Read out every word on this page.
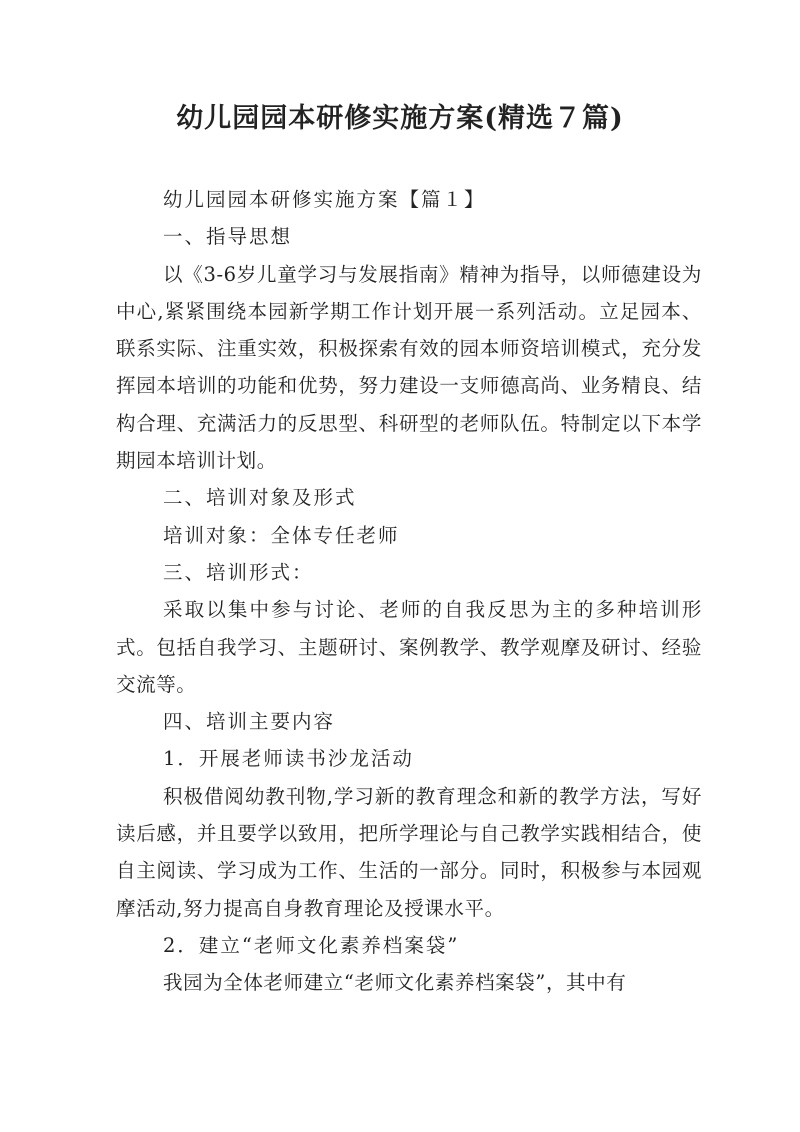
幼儿园园本研修实施方案(精选７篇)

幼儿园园本研修实施方案【篇１】

一、指导思想

以《3-6岁儿童学习与发展指南》精神为指导，以师德建设为中心,紧紧围绕本园新学期工作计划开展一系列活动。立足园本、联系实际、注重实效，积极探索有效的园本师资培训模式，充分发挥园本培训的功能和优势，努力建设一支师德高尚、业务精良、结构合理、充满活力的反思型、科研型的老师队伍。特制定以下本学期园本培训计划。

二、培训对象及形式

培训对象：全体专任老师

三、培训形式：

采取以集中参与讨论、老师的自我反思为主的多种培训形式。包括自我学习、主题研讨、案例教学、教学观摩及研讨、经验交流等。

四、培训主要内容

1．开展老师读书沙龙活动

积极借阅幼教刊物,学习新的教育理念和新的教学方法，写好读后感，并且要学以致用，把所学理论与自己教学实践相结合，使自主阅读、学习成为工作、生活的一部分。同时，积极参与本园观摩活动,努力提高自身教育理论及授课水平。

2．建立“老师文化素养档案袋”

我园为全体老师建立“老师文化素养档案袋”，其中有
